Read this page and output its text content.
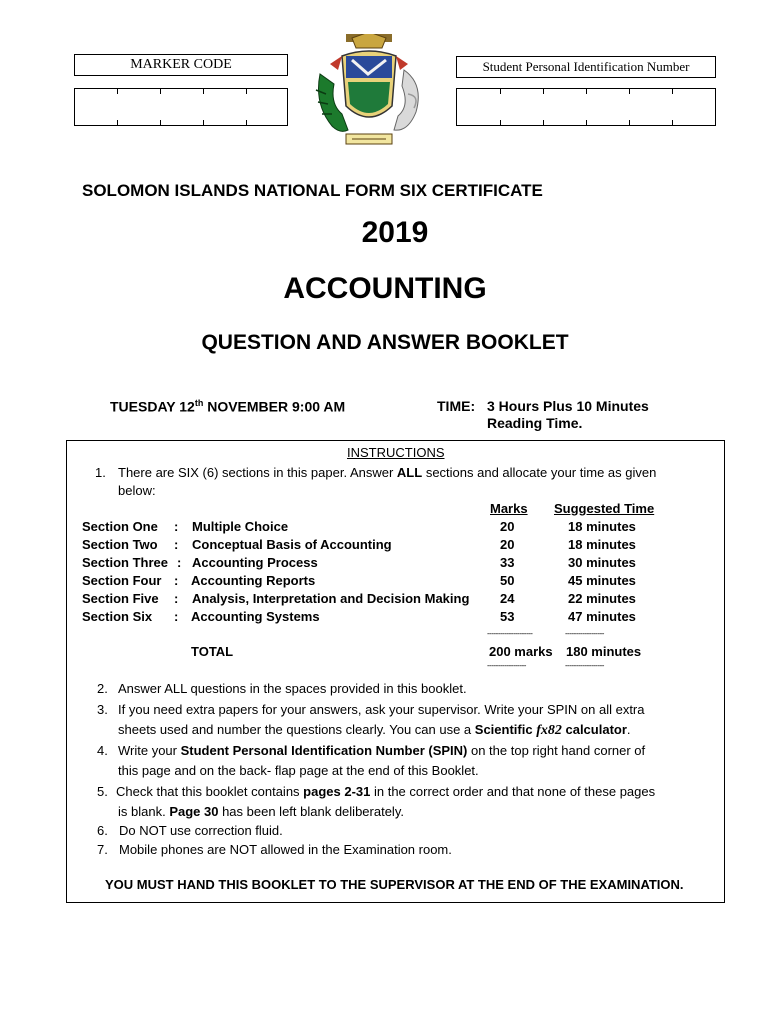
MARKER CODE	Student Personal Identification Number
SOLOMON ISLANDS NATIONAL FORM SIX CERTIFICATE
2019
ACCOUNTING
QUESTION AND ANSWER BOOKLET
TUESDAY 12th NOVEMBER 9:00 AM	TIME: 3 Hours Plus 10 Minutes
Reading Time.
INSTRUCTIONS
1. There are SIX (6) sections in this paper. Answer ALL sections and allocate your time as given
below:
Marks Suggested Time
Section One : Multiple Choice	20	18 minutes
Section Two : Conceptual Basis of Accounting	20	18 minutes
Section Three : Accounting Process	33	30 minutes
Section Four : Accounting Reports	50	45 minutes
Section Five : Analysis, Interpretation and Decision Making 24	22 minutes
Section Six : Accounting Systems	53	47 minutes
---------------------	------------------
TOTAL	200 marks 180 minutes
------------------	------------------
2. Answer ALL questions in the spaces provided in this booklet.
3. If you need extra papers for your answers, ask your supervisor. Write your SPIN on all extra
sheets used and number the questions clearly. You can use a Scientific fx82 calculator.
4. Write your Student Personal Identification Number (SPIN) on the top right hand corner of
this page and on the back- flap page at the end of this Booklet.
5. Check that this booklet contains pages 2-31 in the correct order and that none of these pages
is blank. Page 30 has been left blank deliberately.
6. Do NOT use correction fluid.
7. Mobile phones are NOT allowed in the Examination room.
YOU MUST HAND THIS BOOKLET TO THE SUPERVISOR AT THE END OF THE EXAMINATION.
